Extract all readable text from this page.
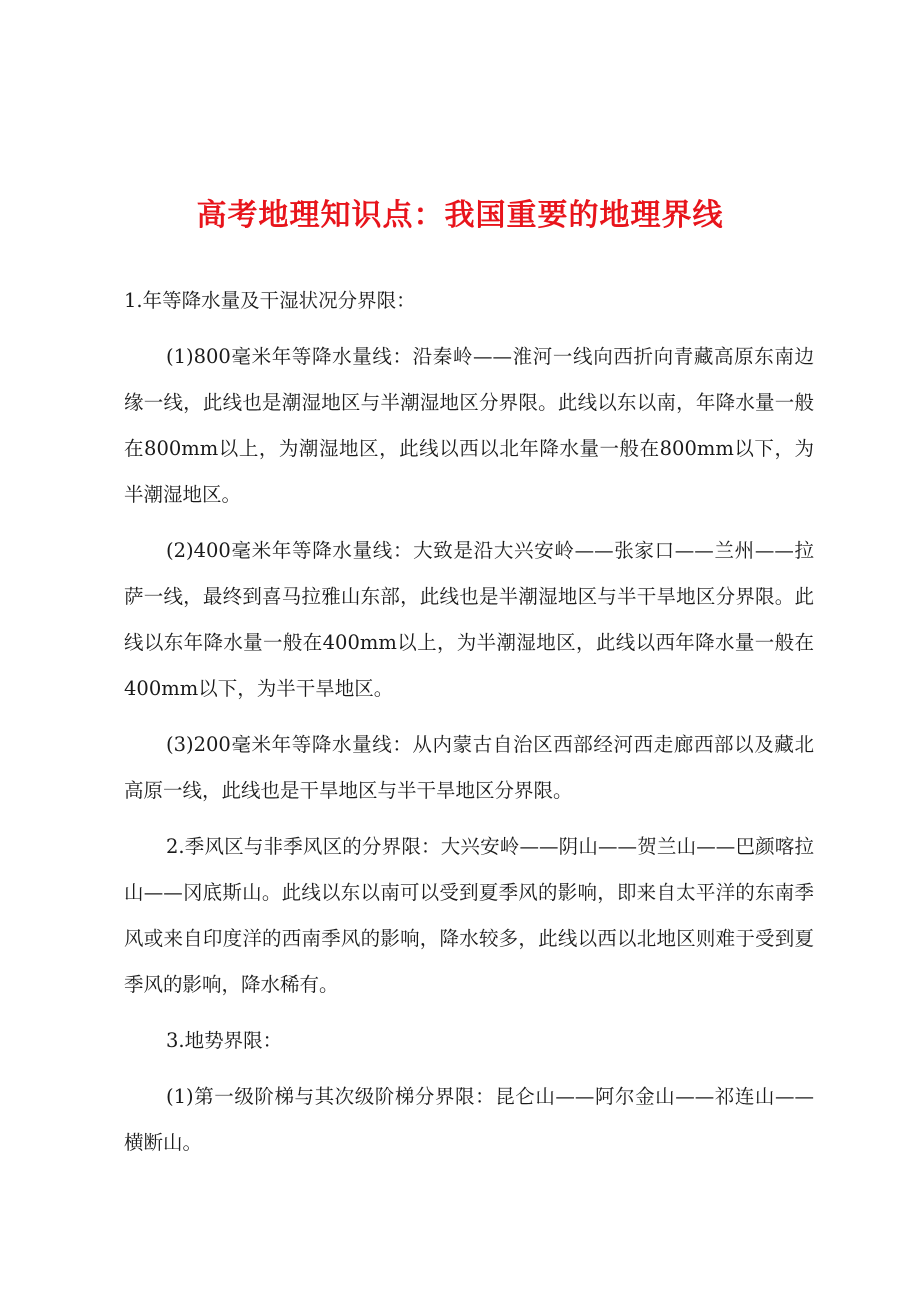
高考地理知识点：我国重要的地理界线

1.年等降水量及干湿状况分界限：

(1)800毫米年等降水量线：沿秦岭——淮河一线向西折向青藏高原东南边缘一线，此线也是潮湿地区与半潮湿地区分界限。此线以东以南，年降水量一般在800mm以上，为潮湿地区，此线以西以北年降水量一般在800mm以下，为半潮湿地区。

(2)400毫米年等降水量线：大致是沿大兴安岭——张家口——兰州——拉萨一线，最终到喜马拉雅山东部，此线也是半潮湿地区与半干旱地区分界限。此线以东年降水量一般在400mm以上，为半潮湿地区，此线以西年降水量一般在400mm以下，为半干旱地区。

(3)200毫米年等降水量线：从内蒙古自治区西部经河西走廊西部以及藏北高原一线，此线也是干旱地区与半干旱地区分界限。

2.季风区与非季风区的分界限：大兴安岭——阴山——贺兰山——巴颜喀拉山——冈底斯山。此线以东以南可以受到夏季风的影响，即来自太平洋的东南季风或来自印度洋的西南季风的影响，降水较多，此线以西以北地区则难于受到夏季风的影响，降水稀有。

3.地势界限：

(1)第一级阶梯与其次级阶梯分界限：昆仑山——阿尔金山——祁连山——横断山。
